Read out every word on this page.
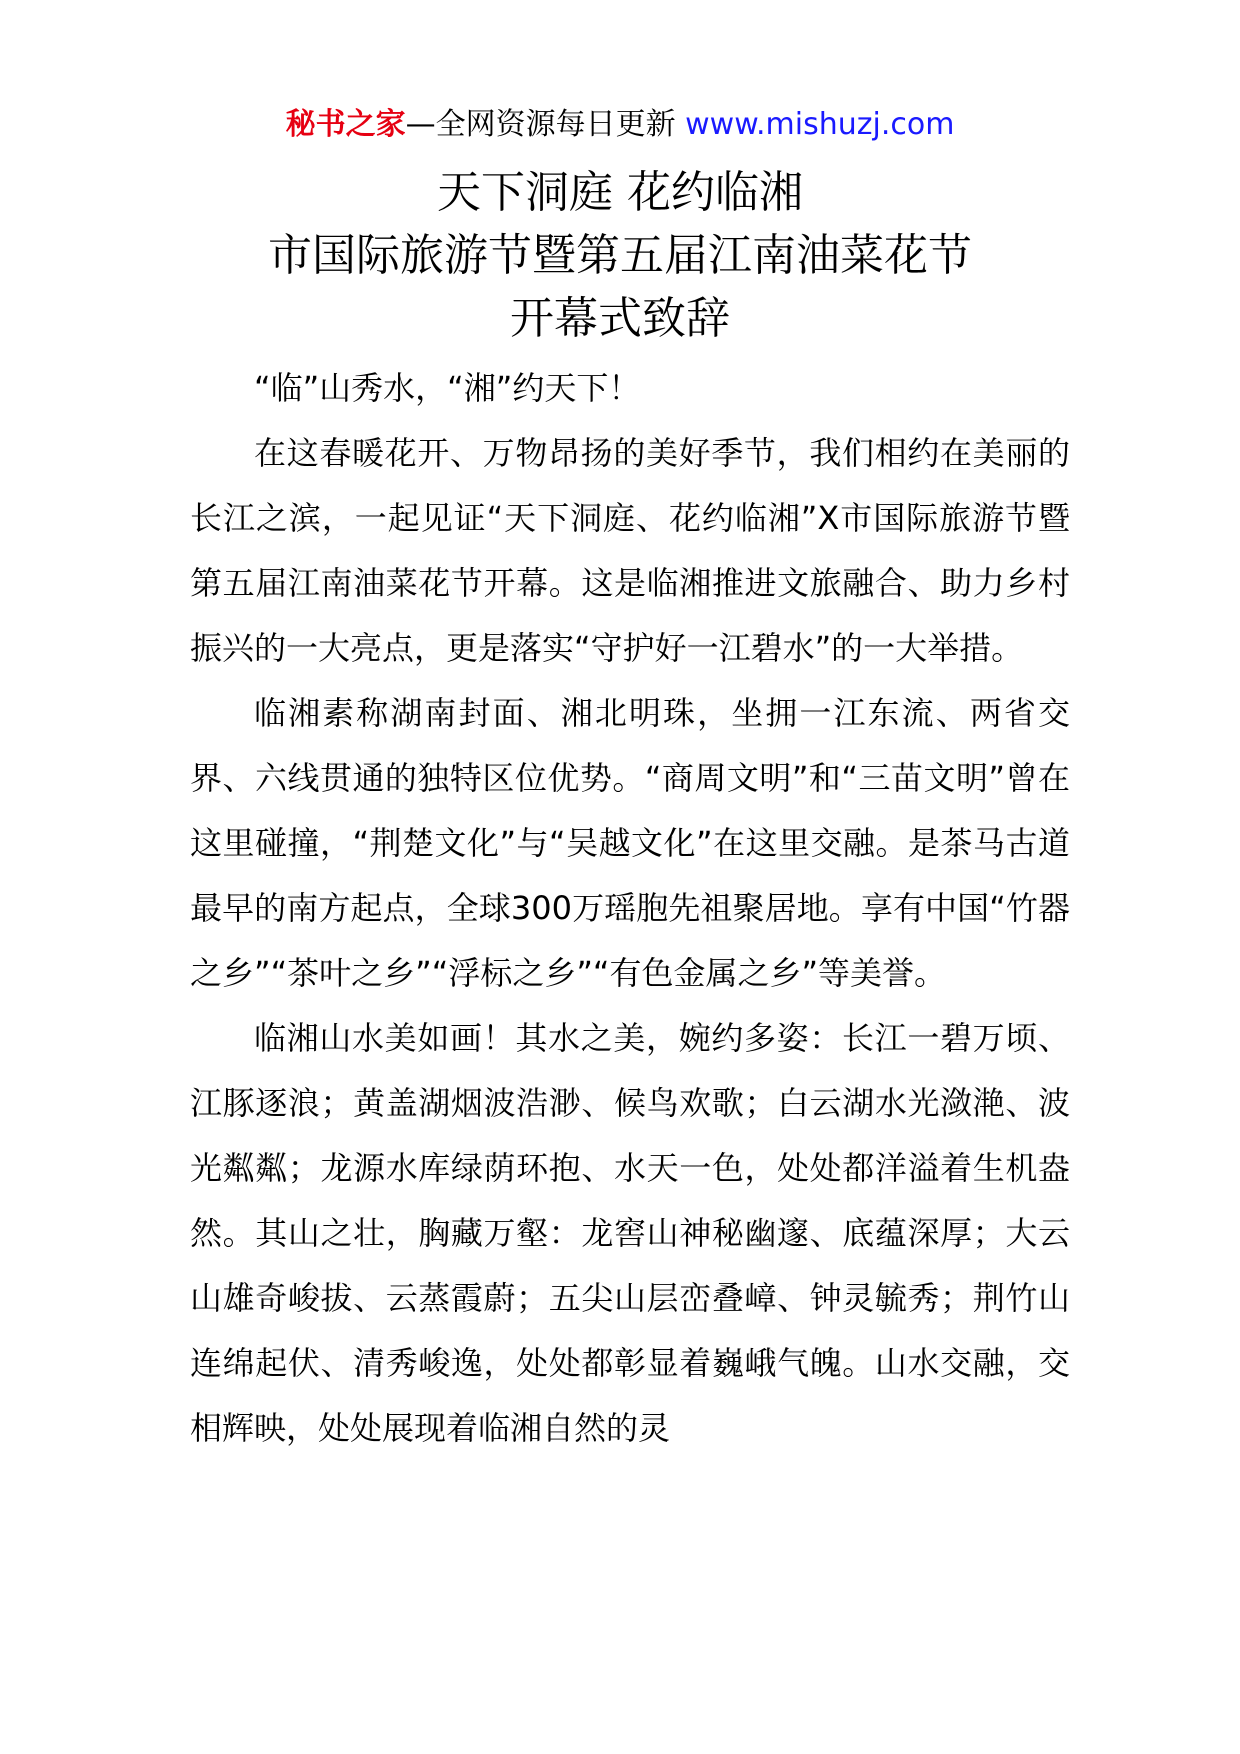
秘书之家—全网资源每日更新 www.mishuzj.com
天下洞庭 花约临湘
市国际旅游节暨第五届江南油菜花节
开幕式致辞

“临”山秀水，“湘”约天下！

在这春暖花开、万物昂扬的美好季节，我们相约在美丽的长江之滨，一起见证“天下洞庭、花约临湘”X市国际旅游节暨第五届江南油菜花节开幕。这是临湘推进文旅融合、助力乡村振兴的一大亮点，更是落实“守护好一江碧水”的一大举措。

临湘素称湖南封面、湘北明珠，坐拥一江东流、两省交界、六线贯通的独特区位优势。“商周文明”和“三苗文明”曾在这里碰撞，“荆楚文化”与“吴越文化”在这里交融。是茶马古道最早的南方起点，全球300万瑶胞先祖聚居地。享有中国“竹器之乡”“茶叶之乡”“浮标之乡”“有色金属之乡”等美誉。

临湘山水美如画！其水之美，婉约多姿：长江一碧万顷、江豚逐浪；黄盖湖烟波浩渺、候鸟欢歌；白云湖水光潋滟、波光粼粼；龙源水库绿荫环抱、水天一色，处处都洋溢着生机盎然。其山之壮，胸藏万壑：龙窖山神秘幽邃、底蕴深厚；大云山雄奇峻拔、云蒸霞蔚；五尖山层峦叠嶂、钟灵毓秀；荆竹山连绵起伏、清秀峻逸，处处都彰显着巍峨气魄。山水交融，交相辉映，处处展现着临湘自然的灵
